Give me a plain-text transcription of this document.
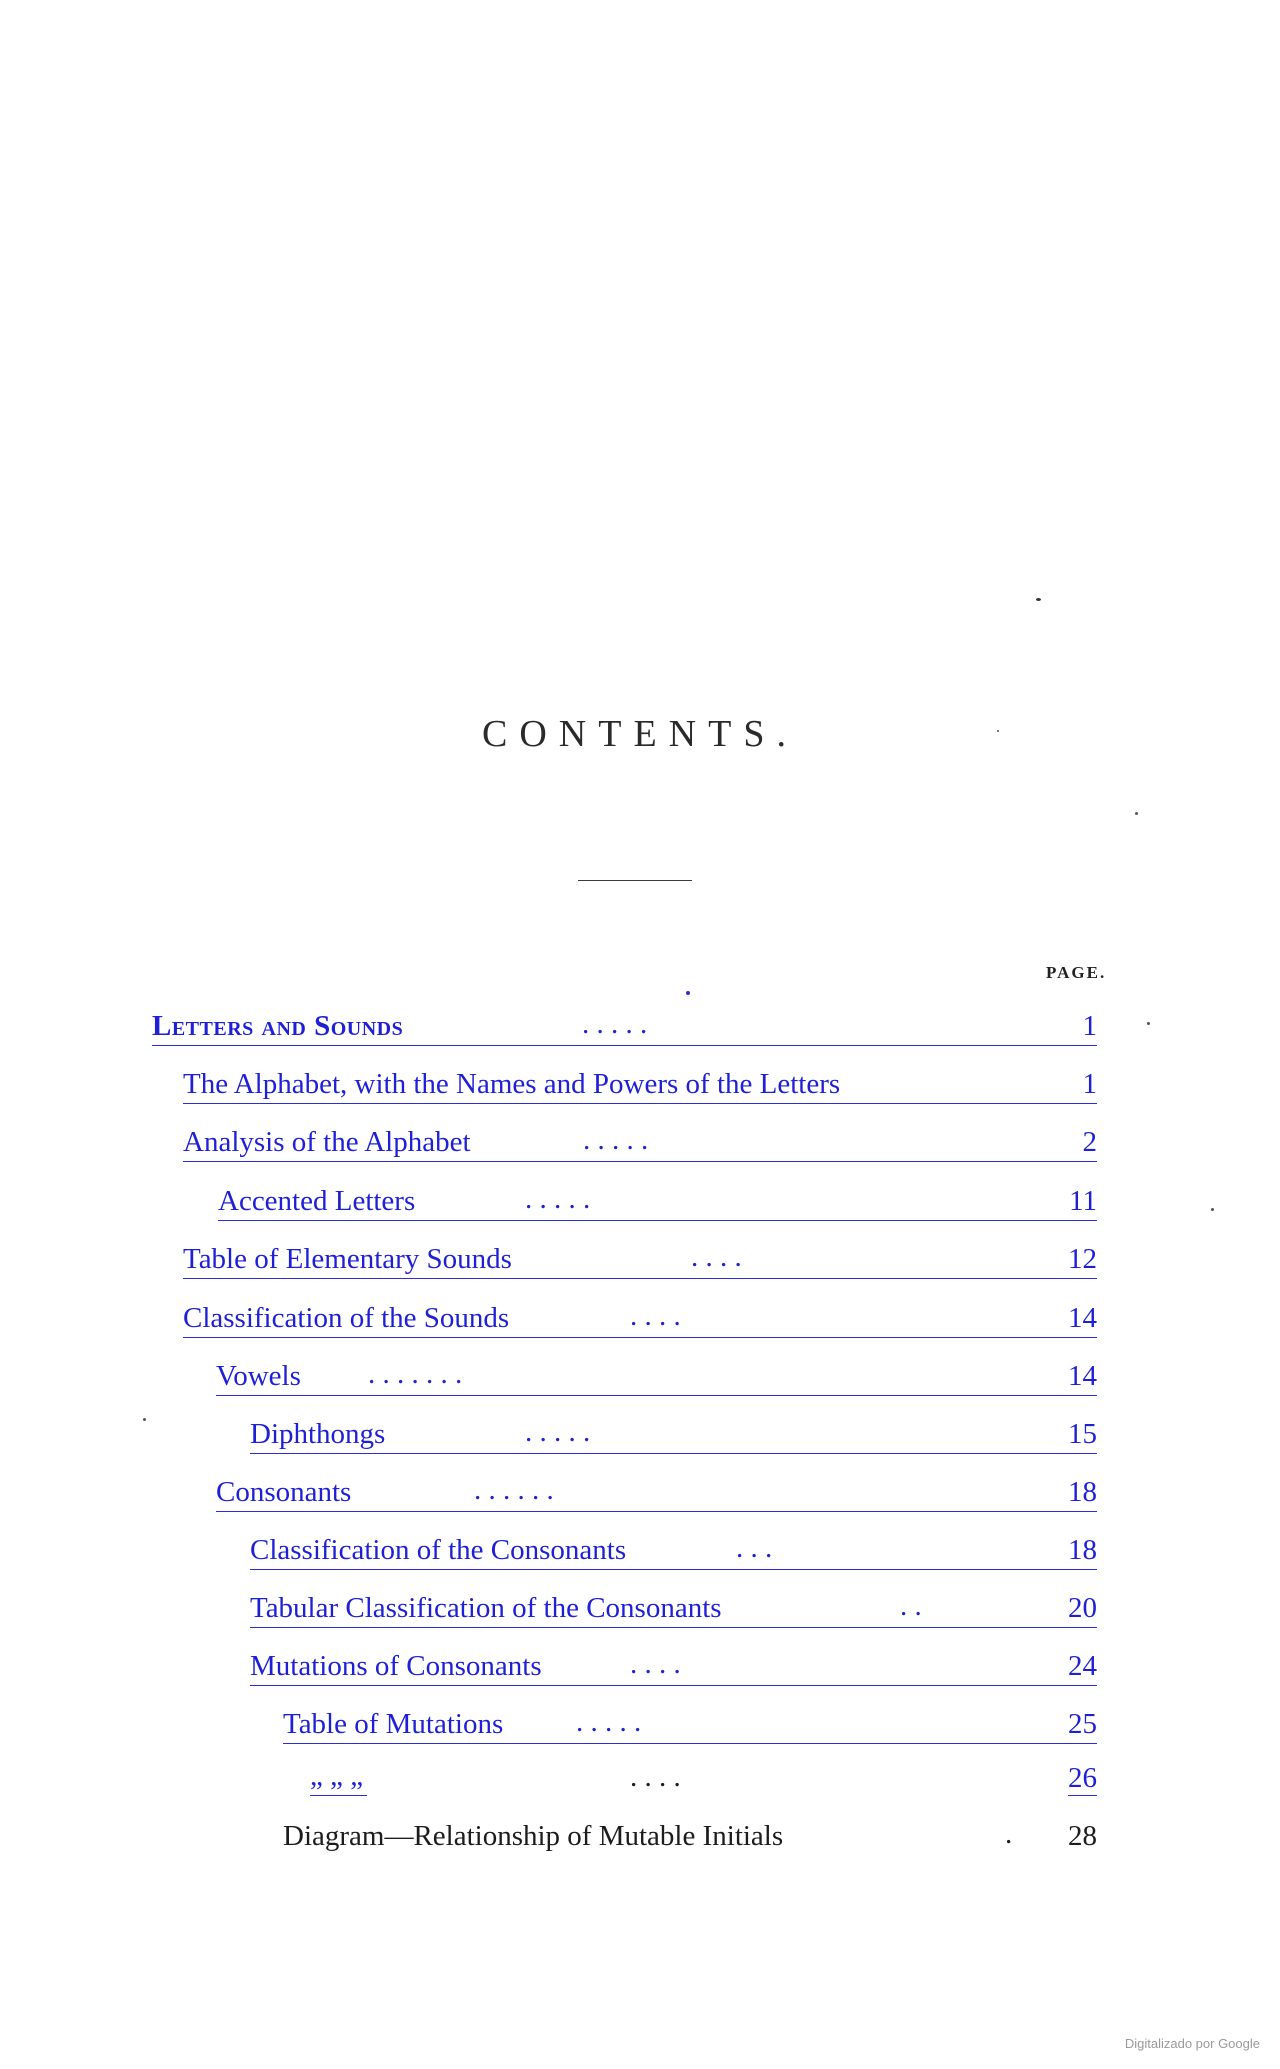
CONTENTS.
PAGE.
Letters and Sounds	. . . . .	1
The Alphabet, with the Names and Powers of the Letters	1
Analysis of the Alphabet	. . . . .	2
Accented Letters	. . . . .	11
Table of Elementary Sounds	. . . .	12
Classification of the Sounds	. . . .	14
Vowels . . . . . . .	14
Diphthongs	. . . . .	15
Consonants	. . . . . .	18
Classification of the Consonants	. . .	18
Tabular Classification of the Consonants	. .	20
Mutations of Consonants	. . . .	24
Table of Mutations	. . . . .	25
„ „ „	. . . .	26
Diagram—Relationship of Mutable Initials	. 28
Digitalizado por Google
